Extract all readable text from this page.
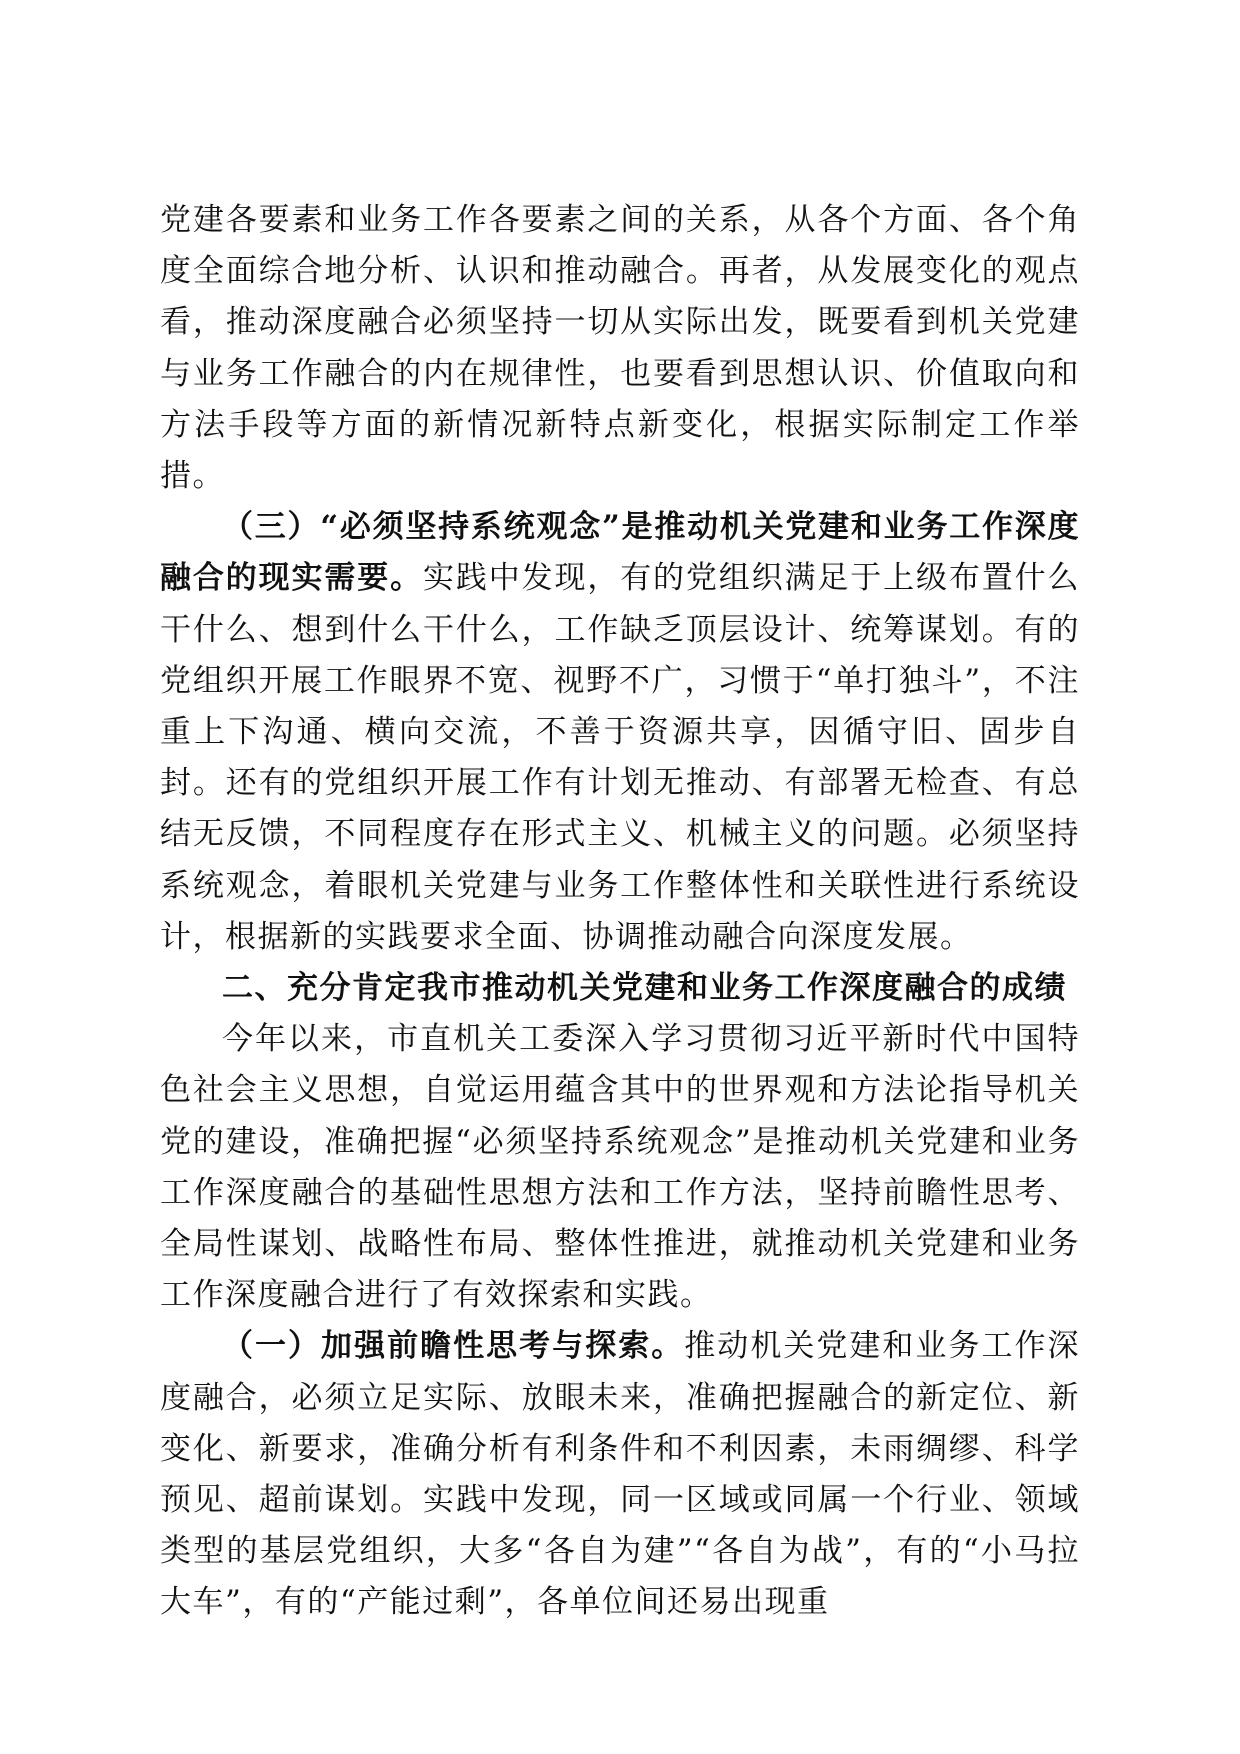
党建各要素和业务工作各要素之间的关系，从各个方面、各个角度全面综合地分析、认识和推动融合。再者，从发展变化的观点看，推动深度融合必须坚持一切从实际出发，既要看到机关党建与业务工作融合的内在规律性，也要看到思想认识、价值取向和方法手段等方面的新情况新特点新变化，根据实际制定工作举措。

（三）“必须坚持系统观念”是推动机关党建和业务工作深度融合的现实需要。实践中发现，有的党组织满足于上级布置什么干什么、想到什么干什么，工作缺乏顶层设计、统筹谋划。有的党组织开展工作眼界不宽、视野不广，习惯于“单打独斗”，不注重上下沟通、横向交流，不善于资源共享，因循守旧、固步自封。还有的党组织开展工作有计划无推动、有部署无检查、有总结无反馈，不同程度存在形式主义、机械主义的问题。必须坚持系统观念，着眼机关党建与业务工作整体性和关联性进行系统设计，根据新的实践要求全面、协调推动融合向深度发展。

二、充分肯定我市推动机关党建和业务工作深度融合的成绩

今年以来，市直机关工委深入学习贯彻习近平新时代中国特色社会主义思想，自觉运用蕴含其中的世界观和方法论指导机关党的建设，准确把握“必须坚持系统观念”是推动机关党建和业务工作深度融合的基础性思想方法和工作方法，坚持前瞻性思考、全局性谋划、战略性布局、整体性推进，就推动机关党建和业务工作深度融合进行了有效探索和实践。

（一）加强前瞻性思考与探索。推动机关党建和业务工作深度融合，必须立足实际、放眼未来，准确把握融合的新定位、新变化、新要求，准确分析有利条件和不利因素，未雨绸缪、科学预见、超前谋划。实践中发现，同一区域或同属一个行业、领域类型的基层党组织，大多“各自为建”“各自为战”，有的“小马拉大车”，有的“产能过剩”，各单位间还易出现重
